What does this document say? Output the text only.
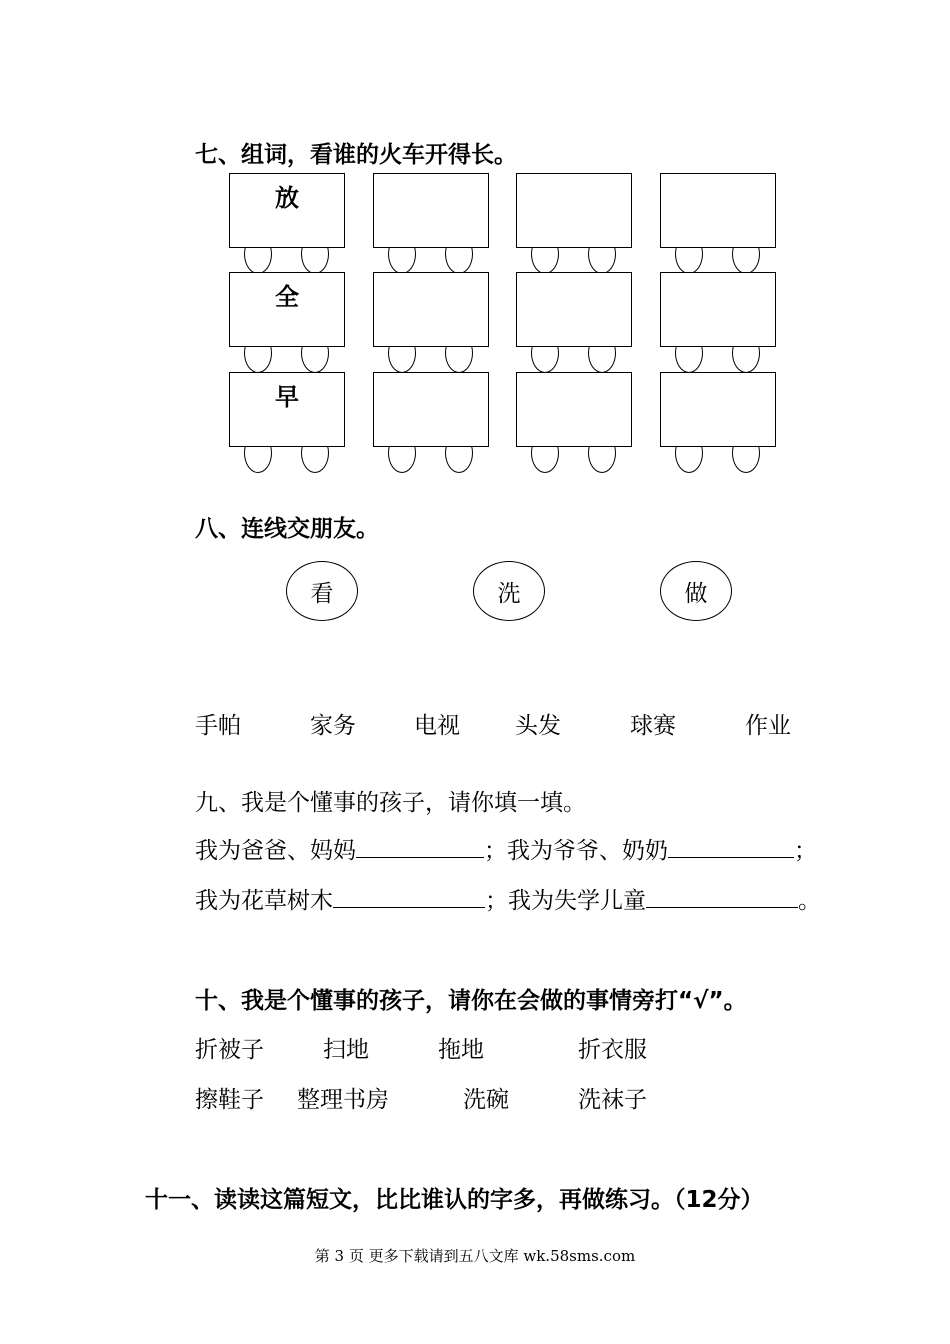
七、组词，看谁的火车开得长。
放
全
早
八、连线交朋友。
看	洗	做
手帕	家务	电视 头发	球赛	作业
九、我是个懂事的孩子，请你填一填。
我为爸爸、妈妈	；我为爷爷、奶奶	；
我为花草树木	；我为失学儿童	。
十、我是个懂事的孩子，请你在会做的事情旁打“√”。
折被子	扫地	拖地	折衣服
擦鞋子 整理书房	洗碗	洗袜子
十一、读读这篇短文，比比谁认的字多，再做练习。（12分）
第 3 页 更多下载请到五八文库 wk.58sms.com
